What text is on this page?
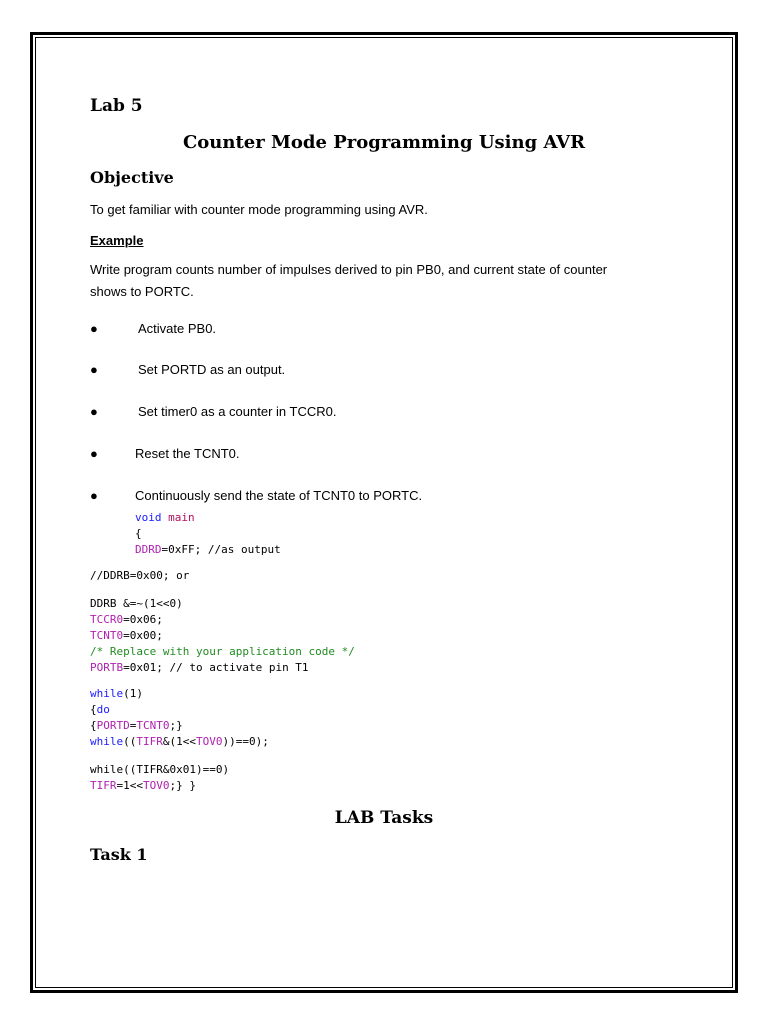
Lab 5
Counter Mode Programming Using AVR
Objective
To get familiar with counter mode programming using AVR.
Example
Write program counts number of impulses derived to pin PB0, and current state of counter
shows to PORTC.
●	Activate PB0.
●	Set PORTD as an output.
●	Set timer0 as a counter in TCCR0.
●	Reset the TCNT0.
●	Continuously send the state of TCNT0 to PORTC.
void main
{
DDRD=0xFF; //as output
//DDRB=0x00; or
DDRB &=~(1<<0)
TCCR0=0x06;
TCNT0=0x00;
/* Replace with your application code */
PORTB=0x01; // to activate pin T1
while(1)
{do
{PORTD=TCNT0;}
while((TIFR&(1<<TOV0))==0);
while((TIFR&0x01)==0)
TIFR=1<<TOV0;} }
LAB Tasks
Task 1
